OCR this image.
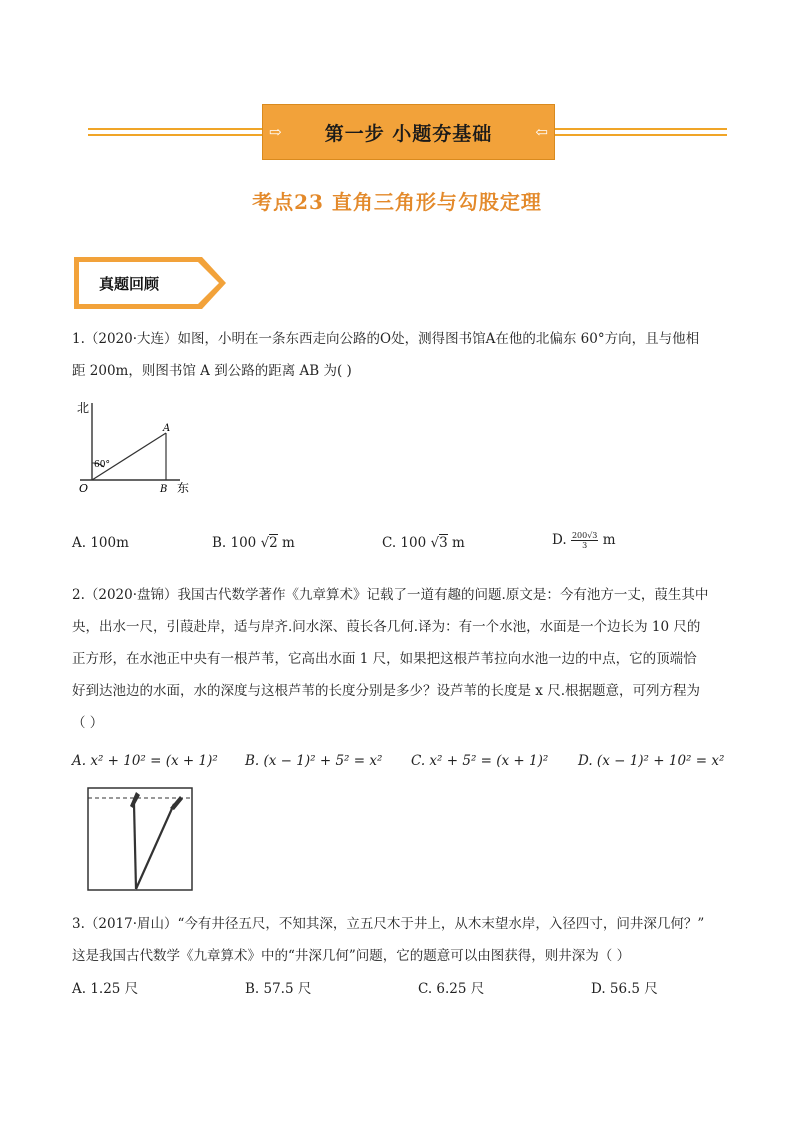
⇨	第一步 小题夯基础	⇦
考点23 直角三角形与勾股定理
真题回顾
1.（2020·大连）如图，小明在一条东西走向公路的O处，测得图书馆A在他的北偏东 60°方向，且与他相
距 200m，则图书馆 A 到公路的距离 AB 为( )
北
东
60°
O
A
B
A. 100m	B. 100 √2 m	C. 100 √3 m	D. $\frac{200√3}{3}$ m
2.（2020·盘锦）我国古代数学著作《九章算术》记载了一道有趣的问题.原文是：今有池方一丈，葭生其中
央，出水一尺，引葭赴岸，适与岸齐.问水深、葭长各几何.译为：有一个水池，水面是一个边长为 10 尺的
正方形，在水池正中央有一根芦苇，它高出水面 1 尺，如果把这根芦苇拉向水池一边的中点，它的顶端恰
好到达池边的水面，水的深度与这根芦苇的长度分别是多少？设芦苇的长度是 x 尺.根据题意，可列方程为
（ ）
A. x² + 10² = (x + 1)² B. (x − 1)² + 5² = x² C. x² + 5² = (x + 1)² D. (x − 1)² + 10² = x²
3.（2017·眉山）“今有井径五尺，不知其深，立五尺木于井上，从木末望水岸，入径四寸，问井深几何？”
这是我国古代数学《九章算术》中的“井深几何”问题，它的题意可以由图获得，则井深为（ ）
A. 1.25 尺	B. 57.5 尺	C. 6.25 尺	D. 56.5 尺
